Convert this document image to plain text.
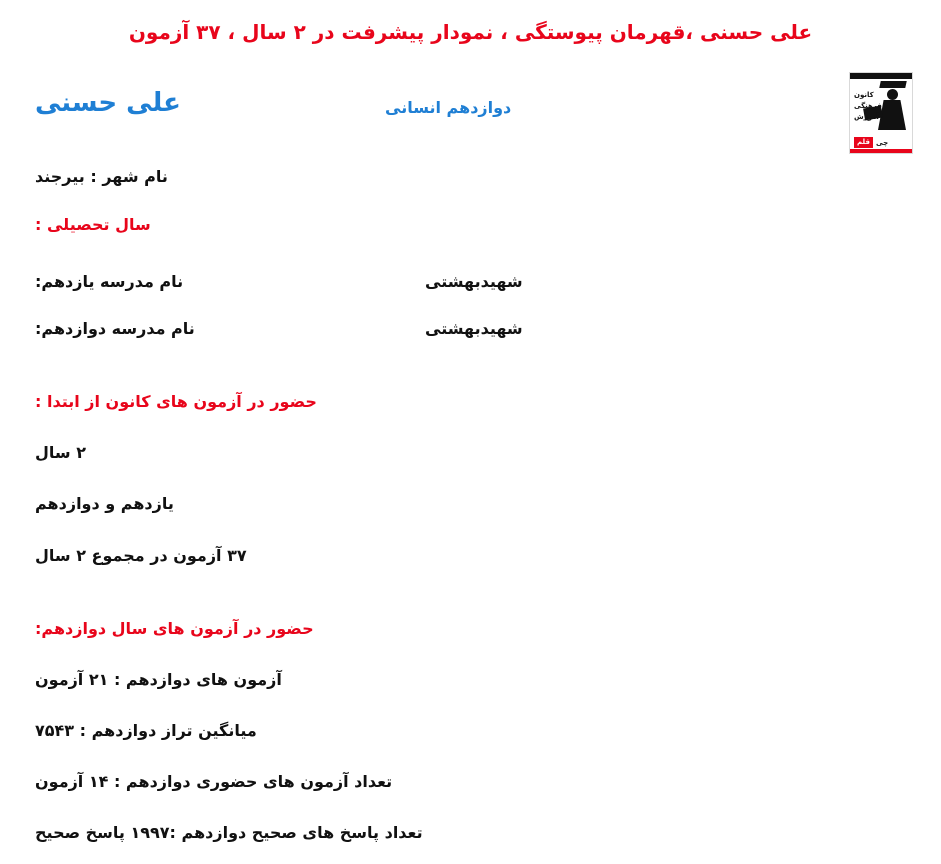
علی حسنی ،قهرمان پیوستگی ، نمودار پیشرفت در ۲ سال ، ۳۷ آزمون
کانون
فرهنگی
آموزش
قلم چی
علی حسنی	دوازدهم انسانی
نام شهر : بیرجند
سال تحصیلی :
نام مدرسه یازدهم:	شهیدبهشتی
نام مدرسه دوازدهم:	شهیدبهشتی
حضور در آزمون های کانون از ابتدا :
۲ سال
یازدهم و دوازدهم
۳۷ آزمون در مجموع ۲ سال
حضور در آزمون های سال دوازدهم:
آزمون های دوازدهم : ۲۱ آزمون
میانگین تراز دوازدهم : ۷۵۴۳
تعداد آزمون های حضوری دوازدهم : ۱۴ آزمون
تعداد پاسخ های صحیح دوازدهم :۱۹۹۷ پاسخ صحیح
